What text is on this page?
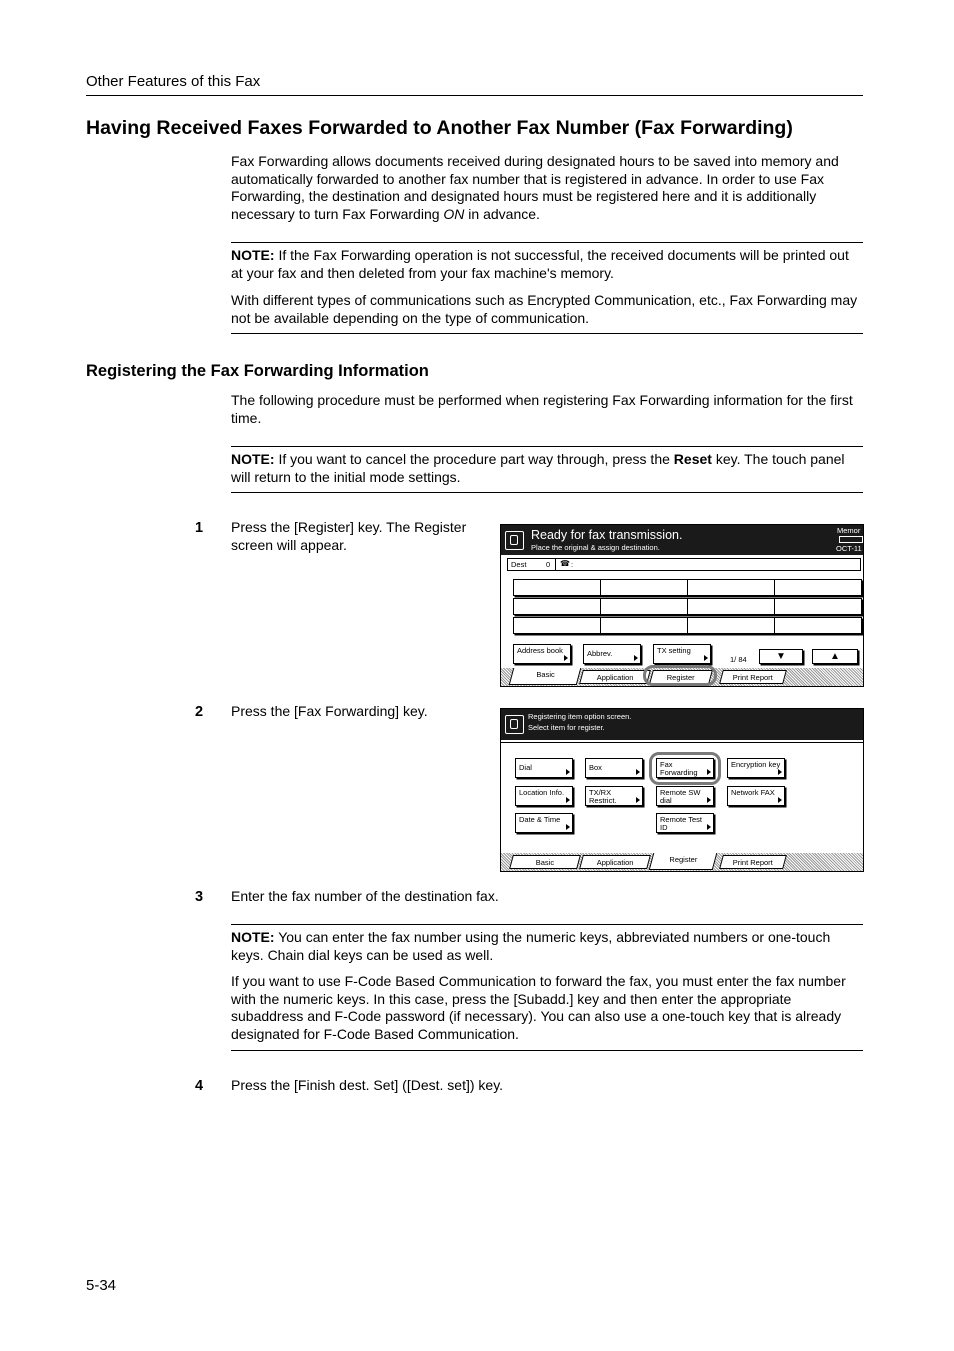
Other Features of this Fax
Having Received Faxes Forwarded to Another Fax Number (Fax Forwarding)

Fax Forwarding allows documents received during designated hours to be saved into memory and automatically forwarded to another fax number that is registered in advance. In order to use Fax Forwarding, the destination and designated hours must be registered here and it is additionally necessary to turn Fax Forwarding ON in advance.

NOTE: If the Fax Forwarding operation is not successful, the received documents will be printed out at your fax and then deleted from your fax machine's memory.

With different types of communications such as Encrypted Communication, etc., Fax Forwarding may not be available depending on the type of communication.

Registering the Fax Forwarding Information

The following procedure must be performed when registering Fax Forwarding information for the first time.

NOTE: If you want to cancel the procedure part way through, press the Reset key. The touch panel will return to the initial mode settings.

1 Press the [Register] key. The Register screen will appear.
Ready for fax transmission.
Place the original & assign destination.
Memor
OCT-11
Dest	0 ☎ :
Address book	Abbrev.	TX setting
1/ 84	▼	▲
Basic	Application	Register	Print Report
2 Press the [Fax Forwarding] key.	Registering item option screen.
Select item for register.
Dial	Box	Fax Forwarding
Encryption key
Location Info.	TX/RX Restrict.
Remote SW dial
Network FAX
Date & Time	Remote Test ID
Basic	Application	Register	Print Report
3 Enter the fax number of the destination fax.

NOTE: You can enter the fax number using the numeric keys, abbreviated numbers or one-touch keys. Chain dial keys can be used as well.

If you want to use F-Code Based Communication to forward the fax, you must enter the fax number with the numeric keys. In this case, press the [Subadd.] key and then enter the appropriate subaddress and F-Code password (if necessary). You can also use a one-touch key that is already designated for F-Code Based Communication.

4 Press the [Finish dest. Set] ([Dest. set]) key.
5-34
